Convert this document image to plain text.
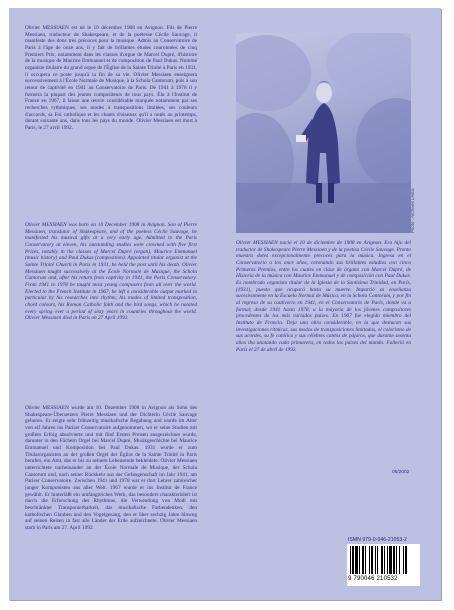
Olivier MESSIAEN est né le 10 décembre 1908 en Avignon. Fils de Pierre Messiaen, traducteur de Shakespeare, et de la poétesse Cécile Sauvage, il manifeste des dons très précoces pour la musique. Admis au Conservatoire de Paris à l'âge de onze ans, il y fait de brillantes études couronnées de cinq Premiers Prix, notamment dans les classes d'orgue de Marcel Dupré, d'histoire de la musique de Maurice Emmanuel et de composition de Paul Dukas. Nommé organiste titulaire du grand orgue de l'Église de la Sainte Trinité à Paris en 1931, il occupera ce poste jusqu'à la fin de sa vie. Olivier Messiaen enseignera successivement à l'École Normale de Musique, à la Schola Cantorum, puis à son retour de captivité en 1941 au Conservatoire de Paris. De 1941 à 1978 il y formera la plupart des jeunes compositeurs de tous pays. Élu à l'Institut de France en 1967, il laisse une œuvre considérable marquée notamment par ses recherches rythmiques, ses modes à transpositions limitées, ses couleurs d'accords, sa Foi catholique et les chants d'oiseaux qu'il a notés au printemps, durant soixante ans, dans tous les pays du monde. Olivier Messiaen est mort à Paris, le 27 avril 1992.
Olivier MESSIAEN was born on 10 December 1908 in Avignon. Son of Pierre Messiaen, translator of Shakespeare, and of the poetess Cécile Sauvage, he manifested his musical gifts at a very early age. Admitted to the Paris Conservatory at eleven, his outstanding studies were crowned with five first Prizes, notably in the classes of Marcel Dupré (organ), Maurice Emmanuel (music history) and Paul Dukas (composition). Appointed titular organist at the Sainte Trinité Church in Paris in 1931, he held the post until his death. Olivier Messiaen taught successively at the École Normale de Musique, the Schola Cantorum and, after his return from captivity in 1941, the Paris Conservatory. From 1941 to 1978 he taught most young composers from all over the world. Elected to the French Institute in 1967, he left a considerable output marked in particular by his researches into rhythm, his modes of limited transposition, chord colours, his Roman Catholic faith and the bird songs, which he notated every spring over a period of sixty years in countries throughout the world. Olivier Messiaen died in Paris on 27 April 1992.
Olivier MESSIAEN wurde am 10. Dezember 1908 in Avignon als Sohn des Shakespeare-Übersetzers Pierre Messiaen und der Dichterin Cécile Sauvage geboren. Er zeigte sehr frühzeitig musikalische Begabung und wurde im Alter von elf Jahren ins Pariser Conservatoire aufgenommen, wo er seine Studien mit großem Erfolg absolvierte und mit fünf Ersten Preisen ausgezeichnet wurde, darunter in den Fächern Orgel bei Marcel Dupré, Musikgeschichte bei Maurice Emmanuel und Komposition bei Paul Dukas. 1931 wurde er zum Titularorganisten an der großen Orgel der Église de la Sainte Trinité in Paris berufen, ein Amt, das er bis zu seinem Lebensende bekleidete. Olivier Messiaen unterrichtete nacheinander an der École Normale de Musique, der Schola Cantorum und, nach seiner Rückkehr aus der Gefangenschaft im Jahr 1941, am Pariser Conservatoire. Zwischen 1941 und 1978 war er dort Lehrer zahlreicher junger Komponisten aus aller Welt. 1967 wurde er ins Institut de France gewählt. Er hinterläßt ein umfangreiches Werk, das besonders charakterisiert ist durch die Erforschung des Rhythmus, die Verwendung von Modi mit beschränkter Transponierbarkeit, das musikalische Farbendenken, den katholischen Glauben und den Vogelgesang, den er über sechzig Jahre hinweg auf seinen Reisen in fast alle Länder der Erde aufzeichnete. Olivier Messiaen starb in Paris am 27. April 1992.
Photo : Archives Leduc
Olivier MESSIAEN nació el 10 de diciembre de 1908 en Avignon. Era hijo del traductor de Shakespeare Pierre Messiaen y de la poetisa Cécile Sauvage. Pronto muestra dotes excepcionalmente precoces para la música. Ingresa en el Conservatorio a los once años, coronando sus brillantes estudios con cinco Primeros Premios, entre los cuales en clase de órgano con Marcel Dupré, de Historia de la música con Maurice Emmanuel y de composición con Paul Dukas. Es nombrado organista titular de la Iglesia de la Santísima Trinidad, en París, (1931), puesto que ocupará hasta su muerte. Impartió su enseñanza sucesivamente en la Escuela Normal de Música, en la Schola Cantorum, y por fin al regreso de su cautiverio en 1941, en el Conservatorio de París, donde va a formar, desde 1941 hasta 1978, a la mayoría de los jóvenes compositores procedentes de los más variados países. En 1967 fue elegido miembro del Instituto de Francia. Deja una obra considerable, en la que destacan sus investigaciones rítmicas, sus modos de transposiciones limitadas, el colorismo de sus acordes, su fe católica y sus célebres cantos de pájaros, que durante sesenta años iba anotando cada primavera, en todos los países del mundo. Falleció en París el 27 de abril de 1992.
05/2002
ISMN 979-0-046-21053-2
9 790046 210532
